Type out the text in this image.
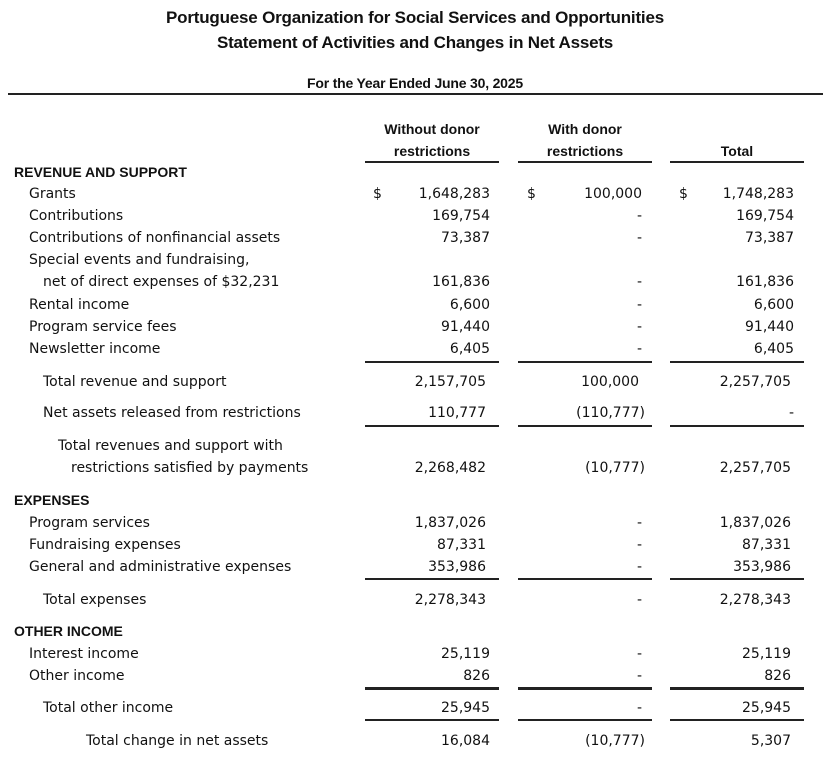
Portuguese Organization for Social Services and Opportunities
Statement of Activities and Changes in Net Assets
For the Year Ended June 30, 2025
Without donor
restrictions
With donor
restrictions	Total
REVENUE AND SUPPORT
Grants	$	1,648,283	$	100,000	$	1,748,283
Contributions	169,754	-	169,754
Contributions of nonfinancial assets	73,387	-	73,387
Special events and fundraising,
net of direct expenses of $32,231	161,836	-	161,836
Rental income	6,600	-	6,600
Program service fees	91,440	-	91,440
Newsletter income	6,405	-	6,405
Total revenue and support	2,157,705	100,000	2,257,705
Net assets released from restrictions	110,777	(110,777)	-
Total revenues and support with
restrictions satisfied by payments	2,268,482	(10,777)	2,257,705
EXPENSES
Program services	1,837,026	-	1,837,026
Fundraising expenses	87,331	-	87,331
General and administrative expenses	353,986	-	353,986
Total expenses	2,278,343	-	2,278,343
OTHER INCOME
Interest income	25,119	-	25,119
Other income	826	-	826
Total other income	25,945	-	25,945
Total change in net assets	16,084	(10,777)	5,307
